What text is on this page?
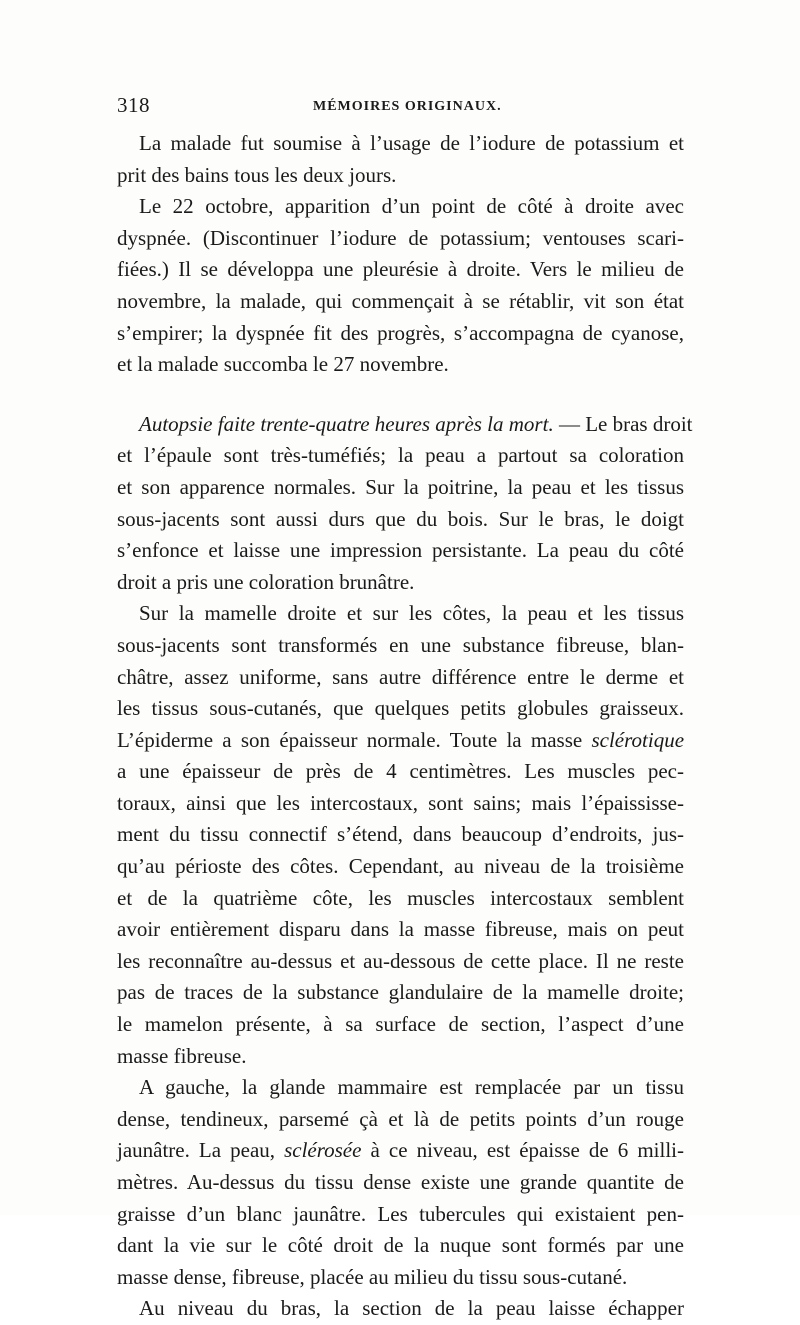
318	MÉMOIRES ORIGINAUX.

La malade fut soumise à l’usage de l’iodure de potassium et
prit des bains tous les deux jours.

Le 22 octobre, apparition d’un point de côté à droite avec
dyspnée. (Discontinuer l’iodure de potassium; ventouses scari-
fiées.) Il se développa une pleurésie à droite. Vers le milieu de
novembre, la malade, qui commençait à se rétablir, vit son état
s’empirer; la dyspnée fit des progrès, s’accompagna de cyanose,
et la malade succomba le 27 novembre.

Autopsie faite trente-quatre heures après la mort. — Le bras droit
et l’épaule sont très-tuméfiés; la peau a partout sa coloration
et son apparence normales. Sur la poitrine, la peau et les tissus
sous-jacents sont aussi durs que du bois. Sur le bras, le doigt
s’enfonce et laisse une impression persistante. La peau du côté
droit a pris une coloration brunâtre.

Sur la mamelle droite et sur les côtes, la peau et les tissus
sous-jacents sont transformés en une substance fibreuse, blan-
châtre, assez uniforme, sans autre différence entre le derme et
les tissus sous-cutanés, que quelques petits globules graisseux.
L’épiderme a son épaisseur normale. Toute la masse sclérotique
a une épaisseur de près de 4 centimètres. Les muscles pec-
toraux, ainsi que les intercostaux, sont sains; mais l’épaississe-
ment du tissu connectif s’étend, dans beaucoup d’endroits, jus-
qu’au périoste des côtes. Cependant, au niveau de la troisième
et de la quatrième côte, les muscles intercostaux semblent
avoir entièrement disparu dans la masse fibreuse, mais on peut
les reconnaître au-dessus et au-dessous de cette place. Il ne reste
pas de traces de la substance glandulaire de la mamelle droite;
le mamelon présente, à sa surface de section, l’aspect d’une
masse fibreuse.

A gauche, la glande mammaire est remplacée par un tissu
dense, tendineux, parsemé çà et là de petits points d’un rouge
jaunâtre. La peau, sclérosée à ce niveau, est épaisse de 6 milli-
mètres. Au-dessus du tissu dense existe une grande quantite de
graisse d’un blanc jaunâtre. Les tubercules qui existaient pen-
dant la vie sur le côté droit de la nuque sont formés par une
masse dense, fibreuse, placée au milieu du tissu sous-cutané.

Au niveau du bras, la section de la peau laisse échapper
